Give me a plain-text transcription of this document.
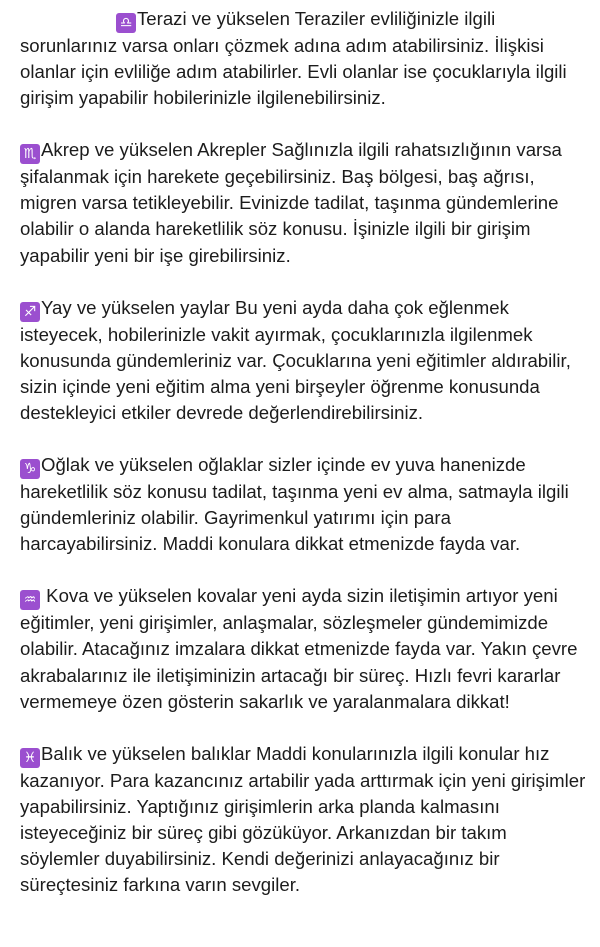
♎ Terazi ve yükselen Teraziler evliliğinizle ilgili sorunlarınız varsa onları çözmek adına adım atabilirsiniz. İlişkisi olanlar için evliliğe adım atabilirler. Evli olanlar ise çocuklarıyla ilgili girişim yapabilir hobilerinizle ilgilenebilirsiniz.

♏ Akrep ve yükselen Akrepler Sağlınızla ilgili rahatsızlığının varsa şifalanmak için harekete geçebilirsiniz. Baş bölgesi, baş ağrısı, migren varsa tetikleyebilir. Evinizde tadilat, taşınma gündemlerine olabilir o alanda hareketlilik söz konusu. İşinizle ilgili bir girişim yapabilir yeni bir işe girebilirsiniz.

♐ Yay ve yükselen yaylar Bu yeni ayda daha çok eğlenmek isteyecek, hobilerinizle vakit ayırmak, çocuklarınızla ilgilenmek konusunda gündemleriniz var. Çocuklarına yeni eğitimler aldırabilir, sizin içinde yeni eğitim alma yeni birşeyler öğrenme konusunda destekleyici etkiler devrede değerlendirebilirsiniz.

♑ Oğlak ve yükselen oğlaklar sizler içinde ev yuva hanenizde hareketlilik söz konusu tadilat, taşınma yeni ev alma, satmayla ilgili gündemleriniz olabilir. Gayrimenkul yatırımı için para harcayabilirsiniz. Maddi konulara dikkat etmenizde fayda var.

♒ Kova ve yükselen kovalar yeni ayda sizin iletişimin artıyor yeni eğitimler, yeni girişimler, anlaşmalar, sözleşmeler gündemimizde olabilir. Atacağınız imzalara dikkat etmenizde fayda var. Yakın çevre akrabalarınız ile iletişiminizin artacağı bir süreç. Hızlı fevri kararlar vermemeye özen gösterin sakarlık ve yaralanmalara dikkat!

♓ Balık ve yükselen balıklar Maddi konularınızla ilgili konular hız kazanıyor. Para kazancınız artabilir yada arttırmak için yeni girişimler yapabilirsiniz. Yaptığınız girişimlerin arka planda kalmasını isteyeceğiniz bir süreç gibi gözüküyor. Arkanızdan bir takım söylemler duyabilirsiniz. Kendi değerinizi anlayacağınız bir süreçtesiniz farkına varın sevgiler.
